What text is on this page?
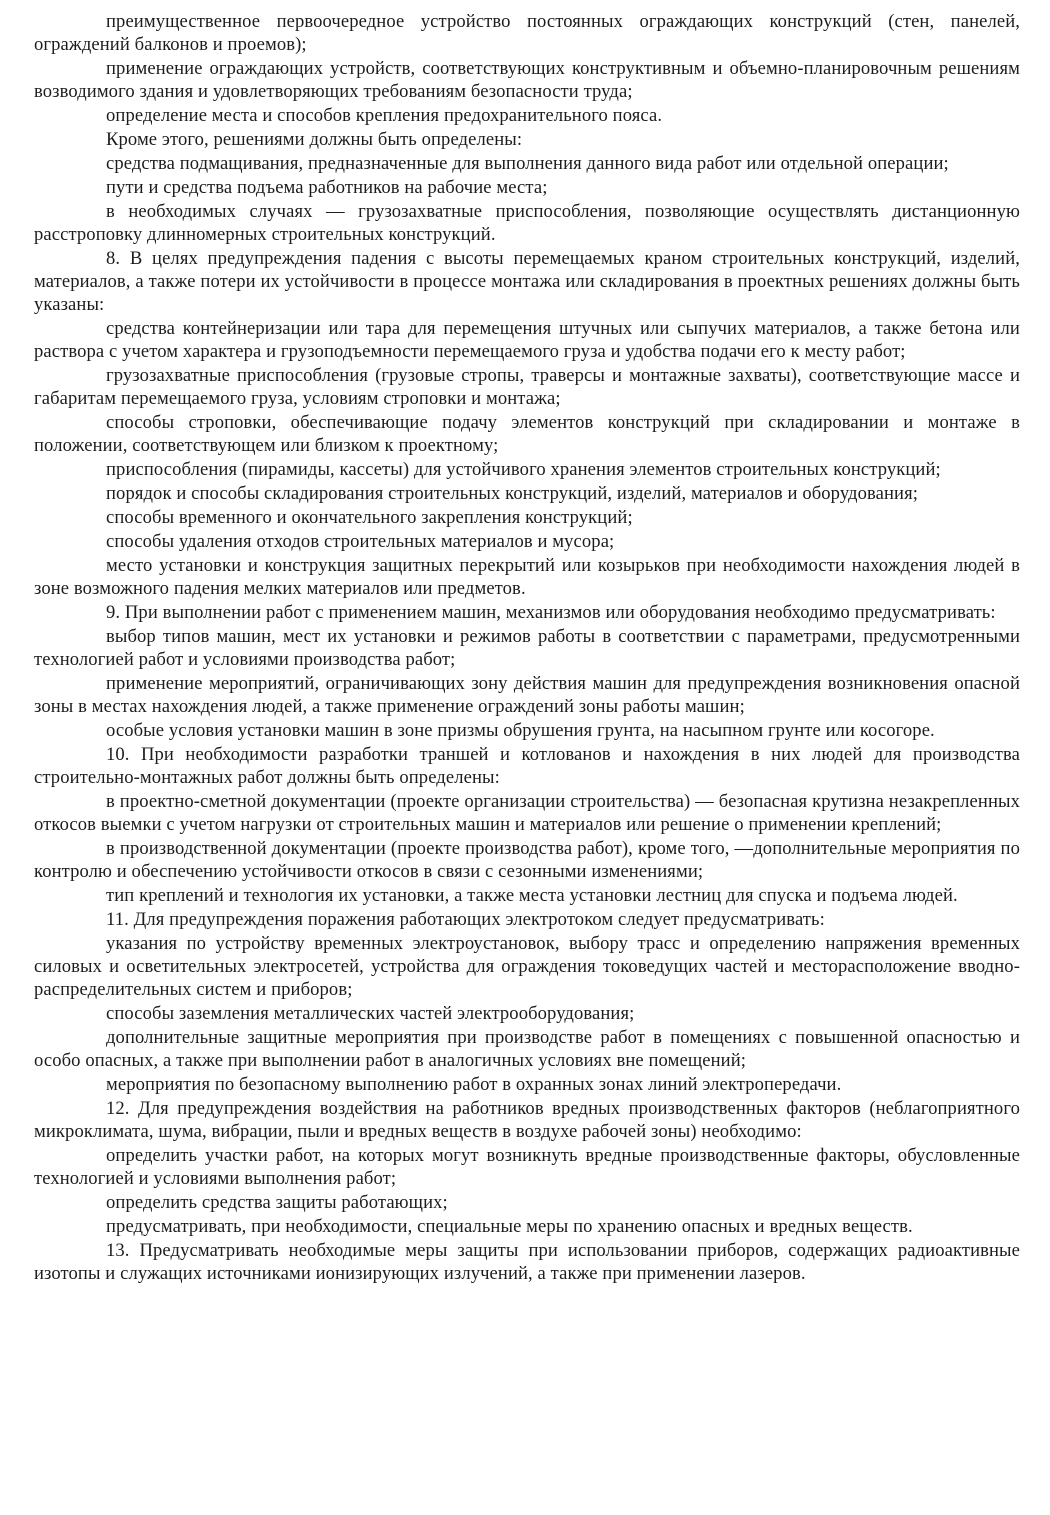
преимущественное первоочередное устройство постоянных ограждающих конструкций (стен, панелей, ограждений балконов и проемов);

применение ограждающих устройств, соответствующих конструктивным и объемно-планировочным решениям возводимого здания и удовлетворяющих требованиям безопасности труда;

определение места и способов крепления предохранительного пояса.

Кроме этого, решениями должны быть определены:

средства подмащивания, предназначенные для выполнения данного вида работ или отдельной операции;

пути и средства подъема работников на рабочие места;

в необходимых случаях — грузозахватные приспособления, позволяющие осуществлять дистанционную расстроповку длинномерных строительных конструкций.

8. В целях предупреждения падения с высоты перемещаемых краном строительных конструкций, изделий, материалов, а также потери их устойчивости в процессе монтажа или складирования в проектных решениях должны быть указаны:

средства контейнеризации или тара для перемещения штучных или сыпучих материалов, а также бетона или раствора с учетом характера и грузоподъемности перемещаемого груза и удобства подачи его к месту работ;

грузозахватные приспособления (грузовые стропы, траверсы и монтажные захваты), соответствующие массе и габаритам перемещаемого груза, условиям строповки и монтажа;

способы строповки, обеспечивающие подачу элементов конструкций при складировании и монтаже в положении, соответствующем или близком к проектному;

приспособления (пирамиды, кассеты) для устойчивого хранения элементов строительных конструкций;

порядок и способы складирования строительных конструкций, изделий, материалов и оборудования;

способы временного и окончательного закрепления конструкций;

способы удаления отходов строительных материалов и мусора;

место установки и конструкция защитных перекрытий или козырьков при необходимости нахождения людей в зоне возможного падения мелких материалов или предметов.

9. При выполнении работ с применением машин, механизмов или оборудования необходимо предусматривать:

выбор типов машин, мест их установки и режимов работы в соответствии с параметрами, предусмотренными технологией работ и условиями производства работ;

применение мероприятий, ограничивающих зону действия машин для предупреждения возникновения опасной зоны в местах нахождения людей, а также применение ограждений зоны работы машин;

особые условия установки машин в зоне призмы обрушения грунта, на насыпном грунте или косогоре.

10. При необходимости разработки траншей и котлованов и нахождения в них людей для производства строительно-монтажных работ должны быть определены:

в проектно-сметной документации (проекте организации строительства) — безопасная крутизна незакрепленных откосов выемки с учетом нагрузки от строительных машин и материалов или решение о применении креплений;

в производственной документации (проекте производства работ), кроме того, —дополнительные мероприятия по контролю и обеспечению устойчивости откосов в связи с сезонными изменениями;

тип креплений и технология их установки, а также места установки лестниц для спуска и подъема людей.

11. Для предупреждения поражения работающих электротоком следует предусматривать:

указания по устройству временных электроустановок, выбору трасс и определению напряжения временных силовых и осветительных электросетей, устройства для ограждения токоведущих частей и месторасположение вводно-распределительных систем и приборов;

способы заземления металлических частей электрооборудования;

дополнительные защитные мероприятия при производстве работ в помещениях с повышенной опасностью и особо опасных, а также при выполнении работ в аналогичных условиях вне помещений;

мероприятия по безопасному выполнению работ в охранных зонах линий электропередачи.

12. Для предупреждения воздействия на работников вредных производственных факторов (неблагоприятного микроклимата, шума, вибрации, пыли и вредных веществ в воздухе рабочей зоны) необходимо:

определить участки работ, на которых могут возникнуть вредные производственные факторы, обусловленные технологией и условиями выполнения работ;

определить средства защиты работающих;

предусматривать, при необходимости, специальные меры по хранению опасных и вредных веществ.

13. Предусматривать необходимые меры защиты при использовании приборов, содержащих радиоактивные изотопы и служащих источниками ионизирующих излучений, а также при применении лазеров.
